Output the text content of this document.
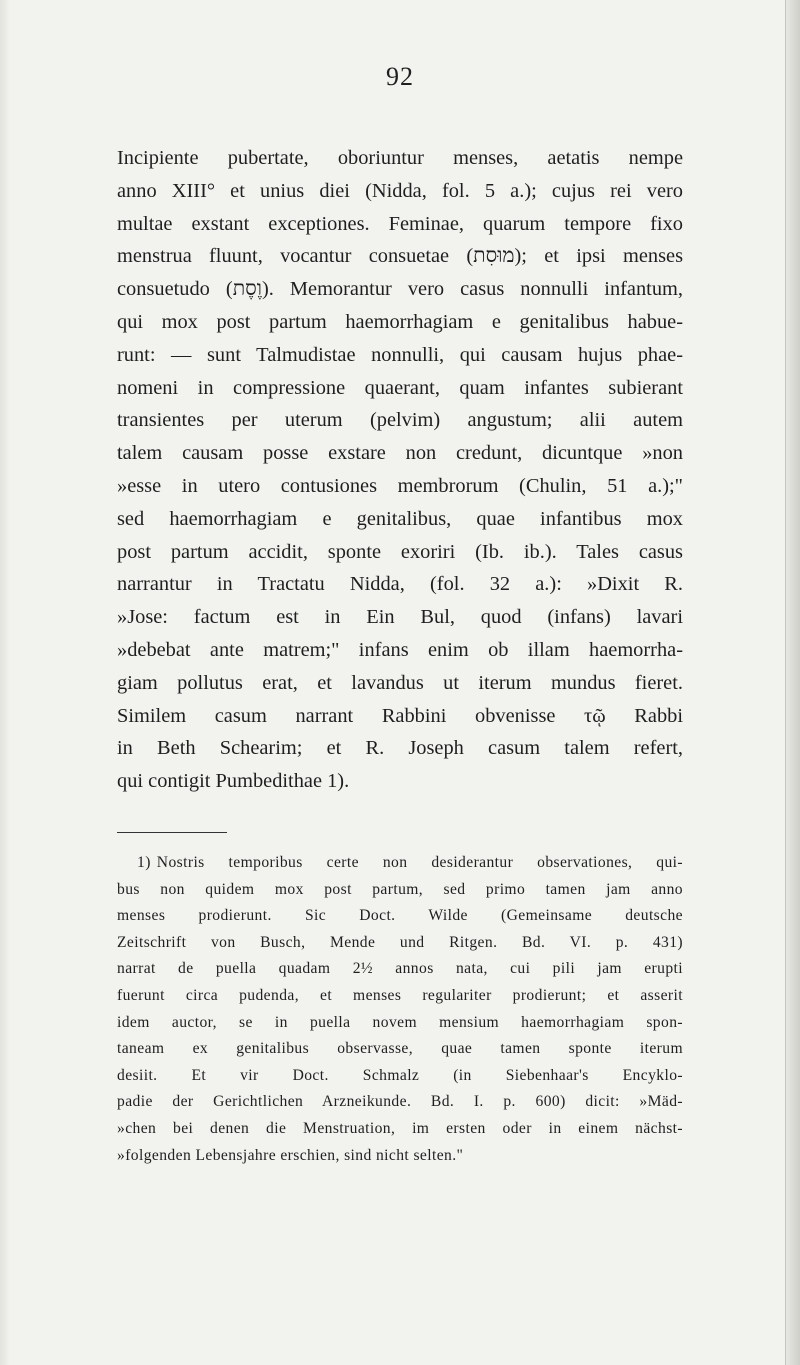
92
Incipiente pubertate, oboriuntur menses, aetatis nempe
anno XIII° et unius diei (Nidda, fol. 5 a.); cujus rei vero
multae exstant exceptiones. Feminae, quarum tempore fixo
menstrua fluunt, vocantur consuetae (מוּסִת); et ipsi menses
consuetudo (וֶסֶת). Memorantur vero casus nonnulli infantum,
qui mox post partum haemorrhagiam e genitalibus habue-
runt: — sunt Talmudistae nonnulli, qui causam hujus phae-
nomeni in compressione quaerant, quam infantes subierant
transientes per uterum (pelvim) angustum; alii autem
talem causam posse exstare non credunt, dicuntque »non
»esse in utero contusiones membrorum (Chulin, 51 a.);"
sed haemorrhagiam e genitalibus, quae infantibus mox
post partum accidit, sponte exoriri (Ib. ib.). Tales casus
narrantur in Tractatu Nidda, (fol. 32 a.): »Dixit R.
»Jose: factum est in Ein Bul, quod (infans) lavari
»debebat ante matrem;" infans enim ob illam haemorrha-
giam pollutus erat, et lavandus ut iterum mundus fieret.
Similem casum narrant Rabbini obvenisse τῷ Rabbi
in Beth Schearim; et R. Joseph casum talem refert,
qui contigit Pumbedithae 1).
1) Nostris temporibus certe non desiderantur observationes, qui-
bus non quidem mox post partum, sed primo tamen jam anno
menses prodierunt. Sic Doct. Wilde (Gemeinsame deutsche
Zeitschrift von Busch, Mende und Ritgen. Bd. VI. p. 431)
narrat de puella quadam 2½ annos nata, cui pili jam erupti
fuerunt circa pudenda, et menses regulariter prodierunt; et asserit
idem auctor, se in puella novem mensium haemorrhagiam spon-
taneam ex genitalibus observasse, quae tamen sponte iterum
desiit. Et vir Doct. Schmalz (in Siebenhaar's Encyklo-
padie der Gerichtlichen Arzneikunde. Bd. I. p. 600) dicit: »Mäd-
»chen bei denen die Menstruation, im ersten oder in einem nächst-
»folgenden Lebensjahre erschien, sind nicht selten."
